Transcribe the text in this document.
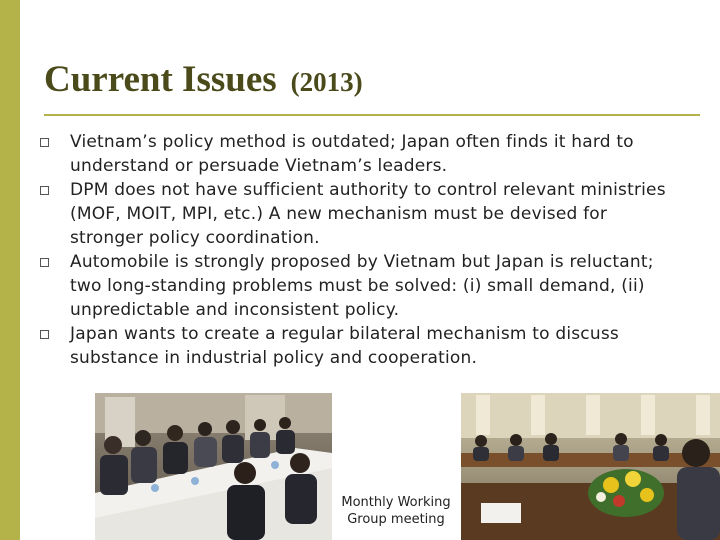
Current Issues (2013)
Vietnam’s policy method is outdated; Japan often finds it hard to understand or persuade Vietnam’s leaders.
DPM does not have sufficient authority to control relevant ministries (MOF, MOIT, MPI, etc.) A new mechanism must be devised for stronger policy coordination.
Automobile is strongly proposed by Vietnam but Japan is reluctant; two long-standing problems must be solved: (i) small demand, (ii) unpredictable and inconsistent policy.
Japan wants to create a regular bilateral mechanism to discuss substance in industrial policy and cooperation.
Monthly Working
Group meeting
